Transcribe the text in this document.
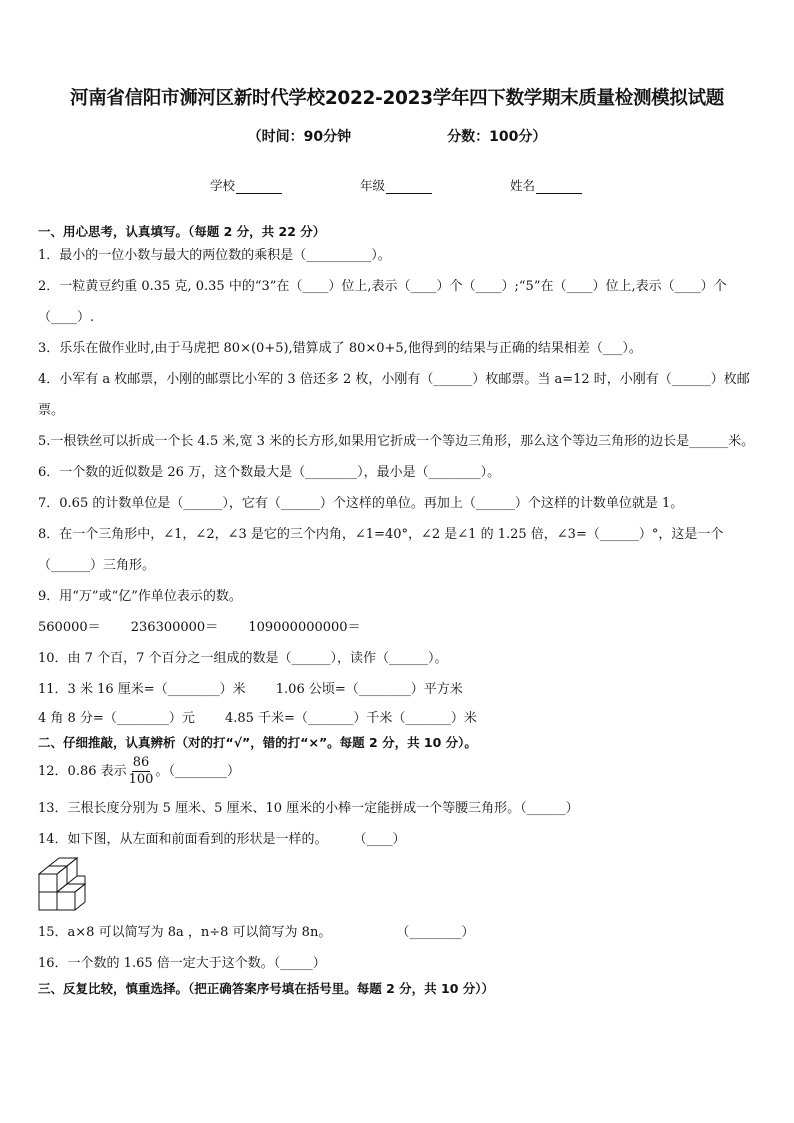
河南省信阳市浉河区新时代学校2022-2023学年四下数学期末质量检测模拟试题
（时间：90分钟	分数：100分）
学校	年级	姓名
一、用心思考，认真填写。（每题 2 分，共 22 分）
1．最小的一位小数与最大的两位数的乘积是（__________）。
2．一粒黄豆约重 0.35 克, 0.35 中的“3”在（____）位上,表示（____）个（____）;“5”在（____）位上,表示（____）个（____）.
3．乐乐在做作业时,由于马虎把 80×(0+5),错算成了 80×0+5,他得到的结果与正确的结果相差（___）。
4．小军有 a 枚邮票，小刚的邮票比小军的 3 倍还多 2 枚，小刚有（______）枚邮票。当 a=12 时，小刚有（______）枚邮票。
5.一根铁丝可以折成一个长 4.5 米,宽 3 米的长方形,如果用它折成一个等边三角形，那么这个等边三角形的边长是______米。
6．一个数的近似数是 26 万，这个数最大是（________），最小是（________）。
7．0.65 的计数单位是（______），它有（______）个这样的单位。再加上（______）个这样的计数单位就是 1。
8．在一个三角形中，∠1，∠2，∠3 是它的三个内角，∠1=40°，∠2 是∠1 的 1.25 倍，∠3=（______）°，这是一个（______）三角形。
9．用“万”或“亿”作单位表示的数。
560000＝　　 236300000＝　　 109000000000＝
10．由 7 个百，7 个百分之一组成的数是（______），读作（______）。
11．3 米 16 厘米=（________）米　　 1.06 公顷=（________）平方米
4 角 8 分=（________）元　　 4.85 千米=（_______）千米（_______）米
二、仔细推敲，认真辨析（对的打“√”，错的打“×”。每题 2 分，共 10 分）。
12．0.86 表示 $\frac{86}{100}$ 。（________）
13．三根长度分别为 5 厘米、5 厘米、10 厘米的小棒一定能拼成一个等腰三角形。（______）
14．如下图，从左面和前面看到的形状是一样的。　　　（____）
15．a×8 可以简写为 8a ，n÷8 可以简写为 8n。　　　　　　（________）
16．一个数的 1.65 倍一定大于这个数。（_____）
三、反复比较，慎重选择。（把正确答案序号填在括号里。每题 2 分，共 10 分））
